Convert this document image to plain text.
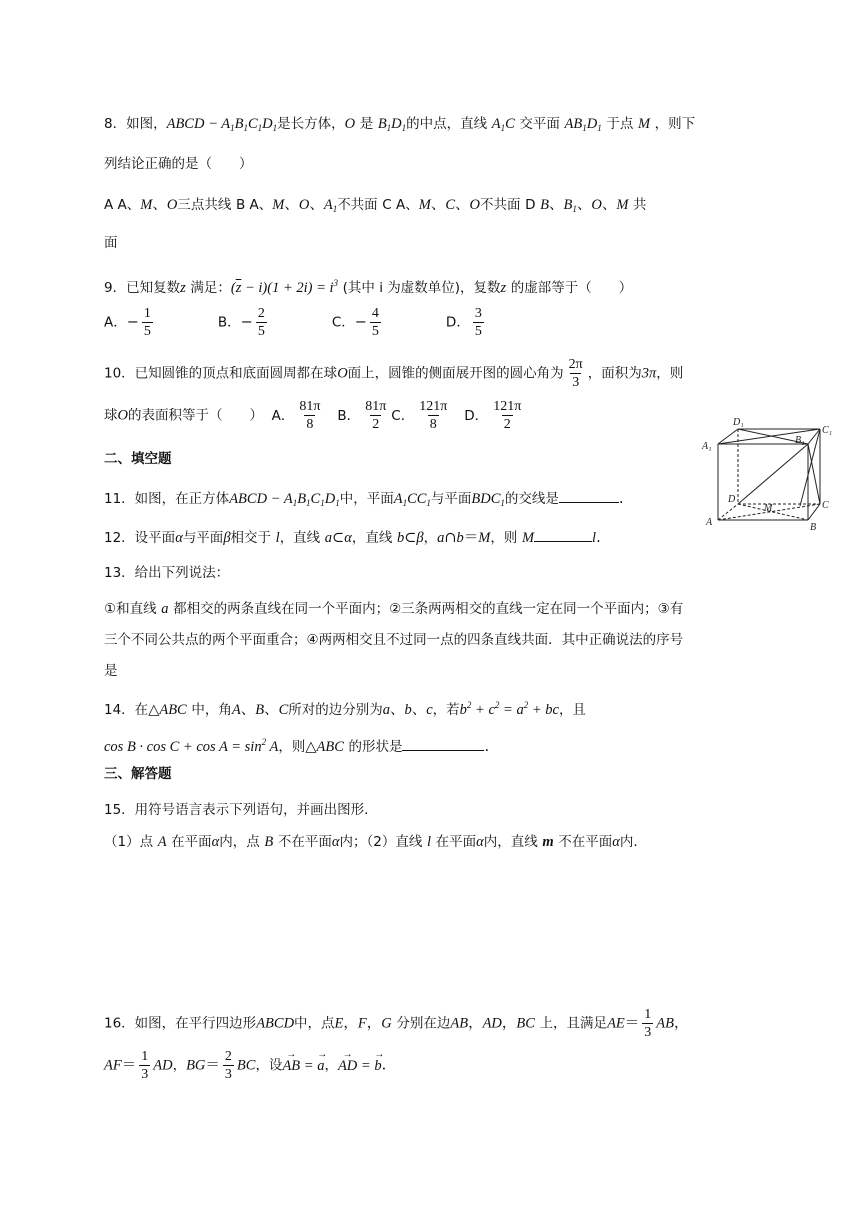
8．如图，ABCD − $A_1B_1C_1D_1$是长方体，O 是 $B_1D_1$的中点，直线 $A_1C$ 交平面 $AB_1D_1$ 于点 M ，则下
列结论正确的是（　　）
A A、M、O三点共线 B A、M、O、$A_1$不共面 C A、M、C、O不共面 D B、$B_1$、O、M 共
面
9．已知复数z 满足：$(\overline{z} - i)(1 + 2i) = i^3$ (其中 i 为虚数单位)，复数z 的虚部等于（　　）
A．− $\frac{1}{5}$	B．− $\frac{2}{5}$	C．− $\frac{4}{5}$	D． $\frac{3}{5}$
10．已知圆锥的顶点和底面圆周都在球O面上，圆锥的侧面展开图的圆心角为 $\frac{2\pi}{3}$ ，面积为3π，则
球O的表面积等于（　　） A． $\frac{81\pi}{8}$ B． $\frac{81\pi}{2}$ C． $\frac{121\pi}{8}$ D． $\frac{121\pi}{2}$
二、填空题
11．如图，在正方体ABCD − $A_1B_1C_1D_1$中，平面$A_1CC_1$与平面$BDC_1$的交线是	.
12．设平面α与平面β相交于 l，直线 a⊂α，直线 b⊂β，a∩b＝M，则 M	l.
13．给出下列说法：
①和直线 a 都相交的两条直线在同一个平面内；②三条两两相交的直线一定在同一个平面内；③有
三个不同公共点的两个平面重合；④两两相交且不过同一点的四条直线共面．其中正确说法的序号
是
14．在△ABC 中，角A、B、C所对的边分别为a、b、c，若$b^2 + c^2 = a^2$ + bc，且
$\cos B \cdot \cos C + \cos A = \sin^2 A$，则△ABC 的形状是	.
三、解答题
15．用符号语言表示下列语句，并画出图形.
（1）点 A 在平面α内，点 B 不在平面α内；（2）直线 l 在平面α内，直线 m 不在平面α内.
16．如图，在平行四边形ABCD中，点E，F，G 分别在边AB，AD，BC 上，且满足$AE= \frac{1}{3}$ AB，
$AF= \frac{1}{3}$ AD，$BG= \frac{2}{3}$ BC，设→ AB = → a，→ AD = → b.
D₁
C₁
A₁
B₁
D
C
A	B
M
